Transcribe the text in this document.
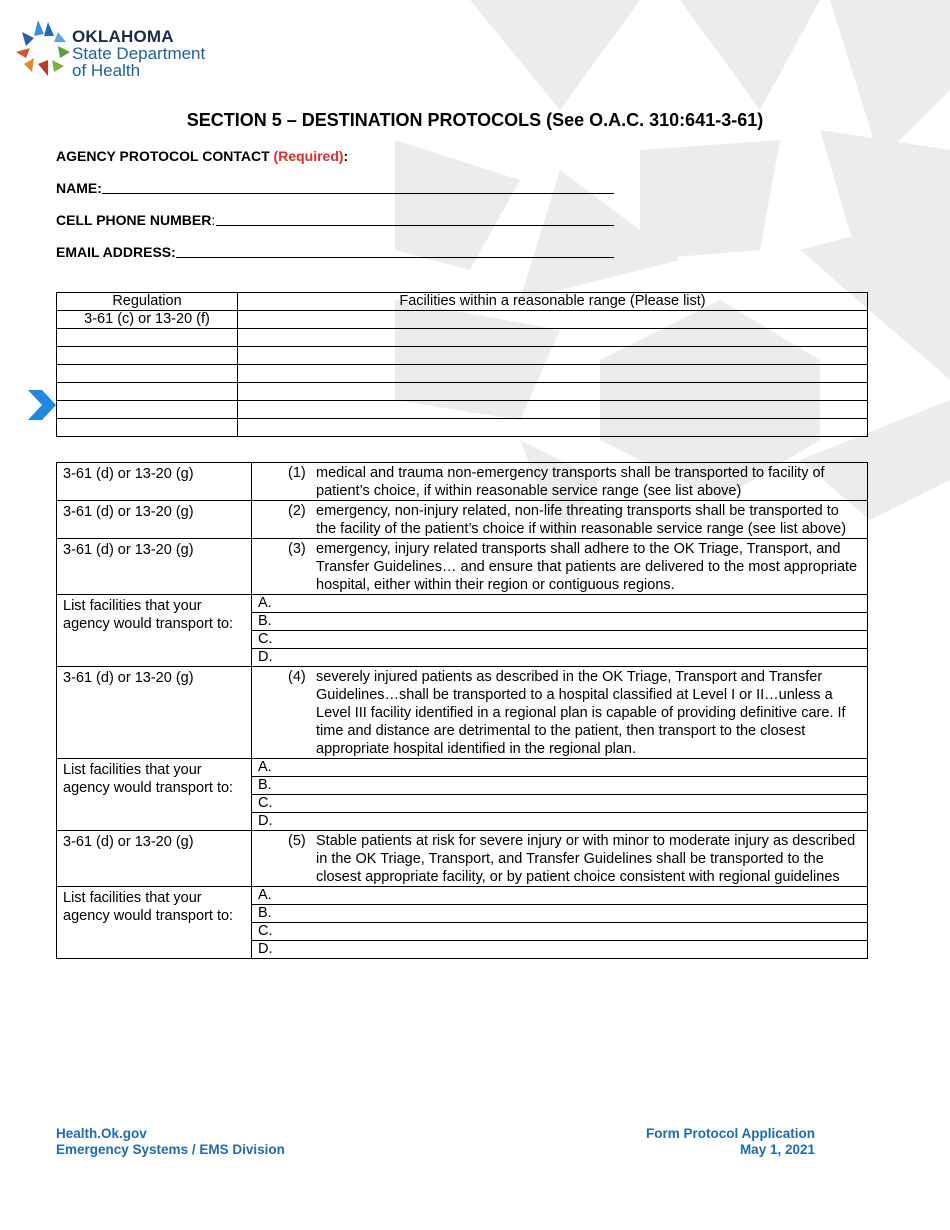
OKLAHOMA
State Department
of Health
SECTION 5 – DESTINATION PROTOCOLS (See O.A.C. 310:641-3-61)
AGENCY PROTOCOL CONTACT (Required):
NAME:
CELL PHONE NUMBER:
EMAIL ADDRESS:
Regulation	Facilities within a reasonable range (Please list)
3-61 (c) or 13-20 (f)	

3-61 (d) or 13-20 (g)	(1) medical and trauma non-emergency transports shall be transported to facility of patient’s choice, if within reasonable service range (see list above)

3-61 (d) or 13-20 (g)	(2) emergency, non-injury related, non-life threating transports shall be transported to the facility of the patient’s choice if within reasonable service range (see list above)

3-61 (d) or 13-20 (g)	(3) emergency, injury related transports shall adhere to the OK Triage, Transport, and Transfer Guidelines… and ensure that patients are delivered to the most appropriate hospital, either within their region or contiguous regions.

List facilities that your agency would transport to:	A.
	B.
	C.
	D.
3-61 (d) or 13-20 (g)	(4) severely injured patients as described in the OK Triage, Transport and Transfer Guidelines…shall be transported to a hospital classified at Level I or II…unless a Level III facility identified in a regional plan is capable of providing definitive care. If time and distance are detrimental to the patient, then transport to the closest appropriate hospital identified in the regional plan.

List facilities that your agency would transport to:	A.
	B.
	C.
	D.
3-61 (d) or 13-20 (g)	(5) Stable patients at risk for severe injury or with minor to moderate injury as described in the OK Triage, Transport, and Transfer Guidelines shall be transported to the closest appropriate facility, or by patient choice consistent with regional guidelines

List facilities that your agency would transport to:	A.
	B.
	C.
	D.
Health.Ok.gov
Emergency Systems / EMS Division
Form Protocol Application
May 1, 2021
